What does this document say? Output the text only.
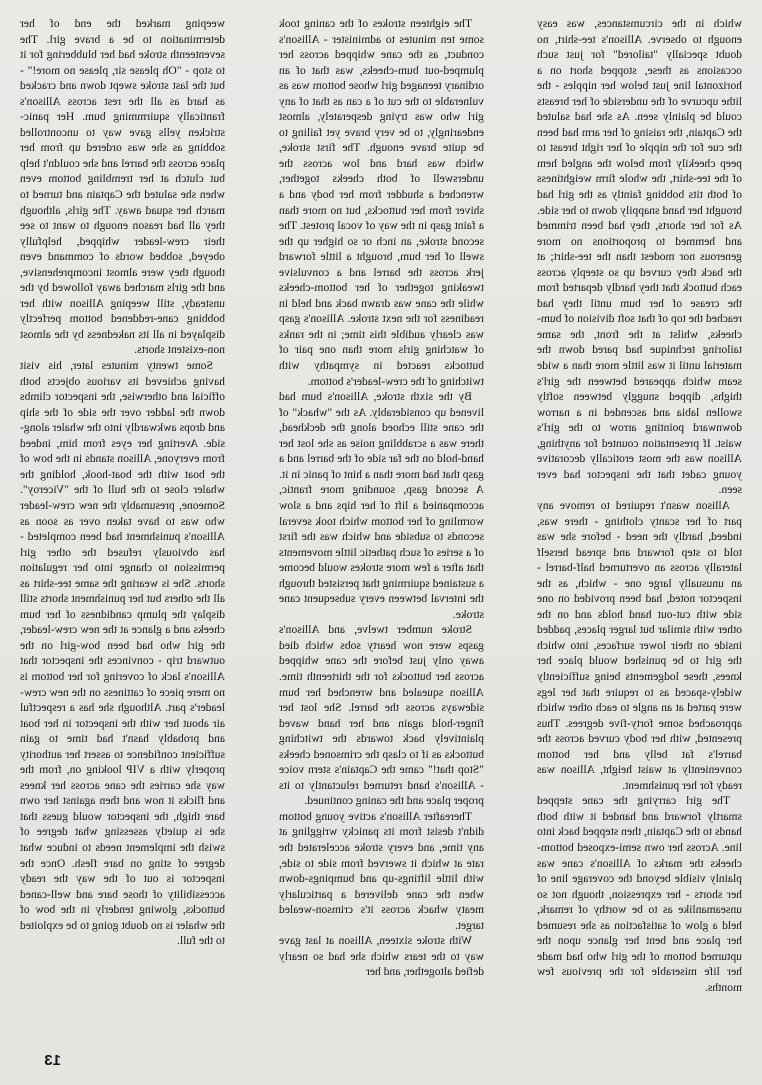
which in the circumstances, was easy enough to observe. Allison's tee-shirt, no doubt specially "tailored" for just such occasions as these, stopped short on a horizontal line just below her nipples - the lithe upcurve of the underside of her breasts could be plainly seen. As she had saluted the Captain, the raising of her arm had been the cue for the nipple of her right breast to peep cheekily from below the angled hem of the tee-shirt, the whole firm weightiness of both tits bobbing faintly as the girl had brought her hand snappily down to her side. As for her shorts, they had been trimmed and hemmed to proportions no more generous nor modest than the tee-shirt; at the back they curved up so steeply across each buttock that they hardly departed from the crease of her bum until they had reached the top of that soft division of bum-cheeks, whilst at the front, the same tailoring technique had pared down the material until it was little more than a wide seam which appeared between the girl's thighs, dipped snuggly between softly swollen labia and ascended in a narrow downward pointing arrow to the girl's waist. If presentation counted for anything, Allison was the most erotically decorative young cadet that the inspector had ever seen.

Allison wasn't required to remove any part of her scanty clothing - there was, indeed, hardly the need - before she was told to step forward and spread herself laterally across an overturned half-barrel - an unusually large one - which, as the inspector noted, had been provided on one side with cut-out hand holds and on the other with similar but larger places, padded inside on their lower surfaces, into which the girl to be punished would place her knees, these lodgements being sufficiently widely-spaced as to require that her legs were parted at an angle to each other which approached some forty-five degrees. Thus presented, with her body curved across the barrel's fat belly and her bottom conveniently at waist height, Allison was ready for her punishment.

The girl carrying the cane stepped smartly forward and handed it with both hands to the Captain, then stepped back into line. Across her own semi-exposed bottom-cheeks the marks of Allison's cane was plainly visible beyond the coverage line of her shorts - her expression, though not so unseamanlike as to be worthy of remark, held a glow of satisfaction as she resumed her place and bent her glance upon the upturned bottom of the girl who had made her life miserable for the previous few months.

The eighteen strokes of the caning took some ten minutes to administer - Allison's conduct, as the cane whipped across her plumped-out bum-cheeks, was that of an ordinary teenaged girl whose bottom was as vulnerable to the cut of a can as that of any girl who was trying desperately, almost endearingly, to be very brave yet failing to be quite brave enough. The first stroke, which was hard and low across the underswell of both cheeks together, wrenched a shudder from her body and a shiver from her buttocks, but no more than a faint gasp in the way of vocal protest. The second stroke, an inch or so higher up the swell of her bum, brought a little forward jerk across the barrel and a convulsive tweaking together of her bottom-cheeks while the cane was drawn back and held in readiness for the next stroke. Allison's gasp was clearly audible this time; in the ranks of watching girls more than one pair of buttocks reacted in sympathy with twitching of the crew-leader's bottom.

By the sixth stroke, Allison's bum had livened up considerably. As the "whack" of the cane still echoed along the deckhead, there was a scrabbling noise as she lost her hand-hold on the far side of the barrel and a gasp that had more than a hint of panic in it. A second gasp, sounding more frantic, accompanied a lift of her hips and a slow wormling of her bottom which took several seconds to subside and which was the first of a series of such pathetic little movements that after a few more strokes would become a sustained squirming that persisted through the interval between every subsequent cane stroke.

Stroke number twelve, and Allison's gasps were now hearty sobs which died away only just before the cane whipped across her buttocks for the thirteenth time. Allison squealed and wrenched her bum sideways across the barrel. She lost her finger-hold again and her hand waved plaintively back towards the twitching buttocks as if to clasp the crimsoned cheeks "Stop that!" came the Captain's stern voice - Allison's hand returned reluctantly to its proper place and the caning continued.

Thereafter Allison's active young bottom didn't desist from its panicky wriggling at any time, and every stroke accelerated the rate at which it swerved from side to side, with little liftings-up and bumpings-down when the cane delivered a particularly meaty whack across it's crimson-wealed target.

With stroke sixteen, Allison at last gave way to the tears which she had so nearly defied altogether, and her

weeping marked the end of her determination to be a brave girl. The seventeenth stroke had her blubbering for it to stop - "Oh please sir, please no more!" - but the last stroke swept down and cracked as hard as all the rest across Allison's frantically squirmming bum. Her panic-stricken yells gave way to uncontrolled sobbing as she was ordered up from her place across the barrel and she couldn't help but clutch at her trembling bottom even when she saluted the Captain and turned to march her squad away. The girls, although they all had reason enough to want to see their crew-leader whipped, helpfully obeyed, sobbed words of command even though they were almost incomprehensive, and the girls marched away followed by the unsteady, still weeping Allison with her bobbing cane-reddened bottom perfectly displayed in all its nakedness by the almost non-existent shorts.

Some twenty minutes later, his visit having achieved its various objects both official and otherwise, the inspector climbs down the ladder over the side of the ship and drops awkwardly into the whaler along-side. Averting her eyes from him, indeed from everyone, Allison stands in the bow of the boat with the boat-hook, holding the whaler close to the hull of the "Viceroy". Someone, presumably the new crew-leader who was to have taken over as soon as Allison's punishment had been completed - has obviously refused the other girl permission to change into her regulation shorts. She is wearing the same tee-shirt as all the others but her punishment shorts still display the plump candidness of her bum cheeks and a glance at the new crew-leader, the girl who had been bow-girl on the outward trip - convinces the inspector that Allison's lack of covering for her bottom is no mere piece of cattiness on the new crew-leader's part. Although she has a respectful air about her with the inspector in her boat and probably hasn't had time to gain sufficient confidence to assert her authority properly with a VIP looking on, from the way she carries the cane across her knees and flicks it now and then against her own bare thigh, the inspector would guess that she is quietly assessing what degree of swish the implement needs to induce what degree of sting on bare flesh. Once the inspector is out of the way the ready accessibility of those bare and well-caned buttocks, glowing tenderly in the bow of the whaler is no doubt going to be exploited to the full.

13
